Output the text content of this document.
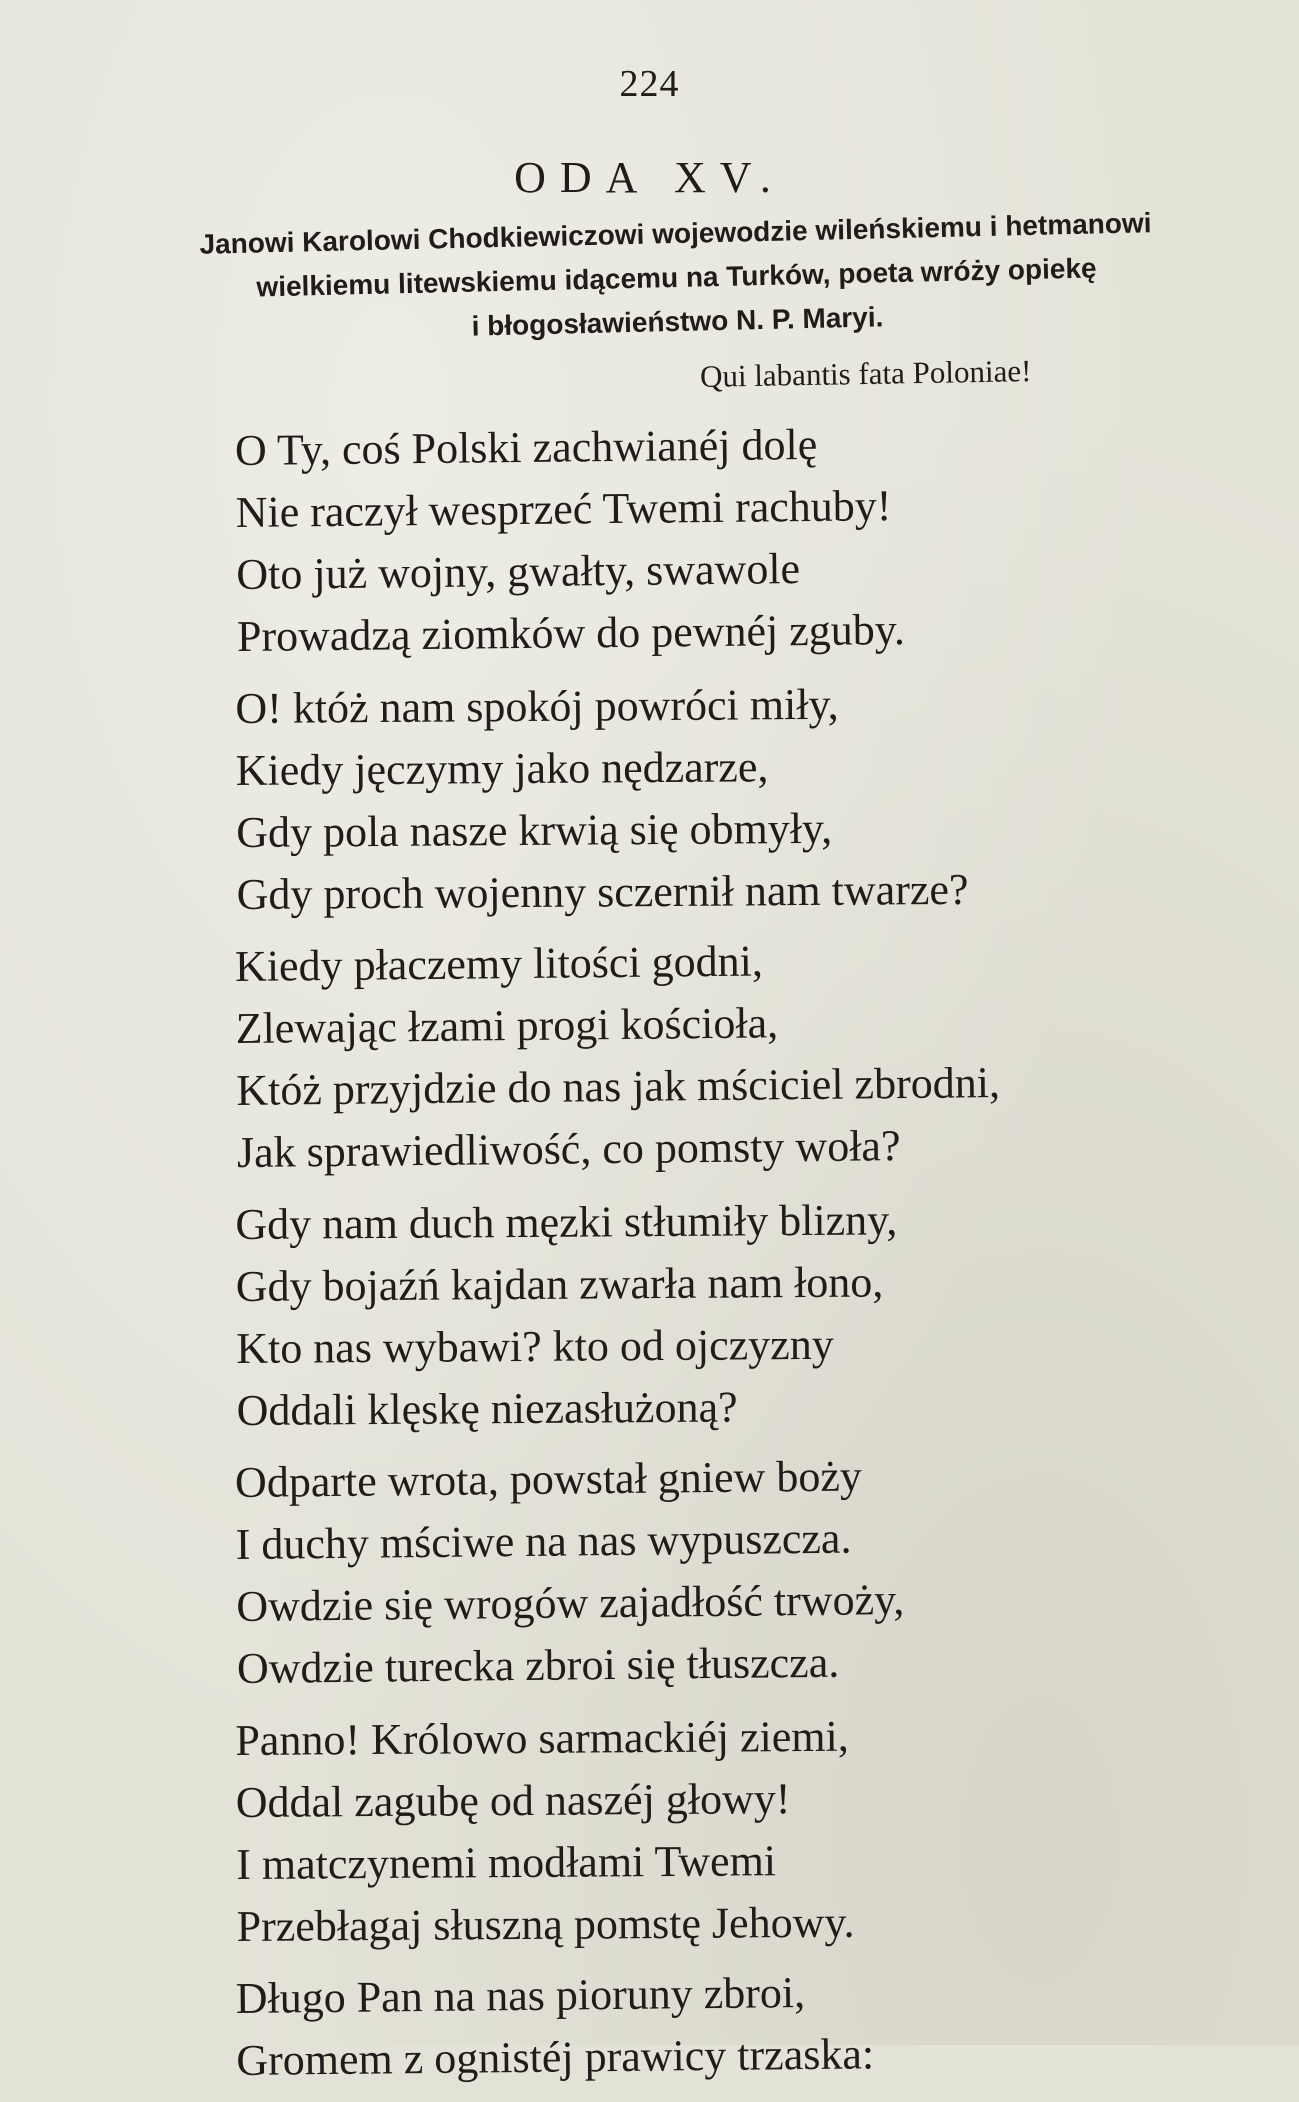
224
ODA XV.
Janowi Karolowi Chodkiewiczowi wojewodzie wileńskiemu i hetmanowi
wielkiemu litewskiemu idącemu na Turków, poeta wróży opiekę
i błogosławieństwo N. P. Maryi.
Qui labantis fata Poloniae!
O Ty, coś Polski zachwianéj dolę
Nie raczył wesprzeć Twemi rachuby!
Oto już wojny, gwałty, swawole
Prowadzą ziomków do pewnéj zguby.
O! któż nam spokój powróci miły,
Kiedy jęczymy jako nędzarze,
Gdy pola nasze krwią się obmyły,
Gdy proch wojenny sczernił nam twarze?
Kiedy płaczemy litości godni,
Zlewając łzami progi kościoła,
Któż przyjdzie do nas jak mściciel zbrodni,
Jak sprawiedliwość, co pomsty woła?
Gdy nam duch męzki stłumiły blizny,
Gdy bojaźń kajdan zwarła nam łono,
Kto nas wybawi? kto od ojczyzny
Oddali klęskę niezasłużoną?
Odparte wrota, powstał gniew boży
I duchy mściwe na nas wypuszcza.
Owdzie się wrogów zajadłość trwoży,
Owdzie turecka zbroi się tłuszcza.
Panno! Królowo sarmackiéj ziemi,
Oddal zagubę od naszéj głowy!
I matczynemi modłami Twemi
Przebłagaj słuszną pomstę Jehowy.
Długo Pan na nas pioruny zbroi,
Gromem z ognistéj prawicy trzaska:
